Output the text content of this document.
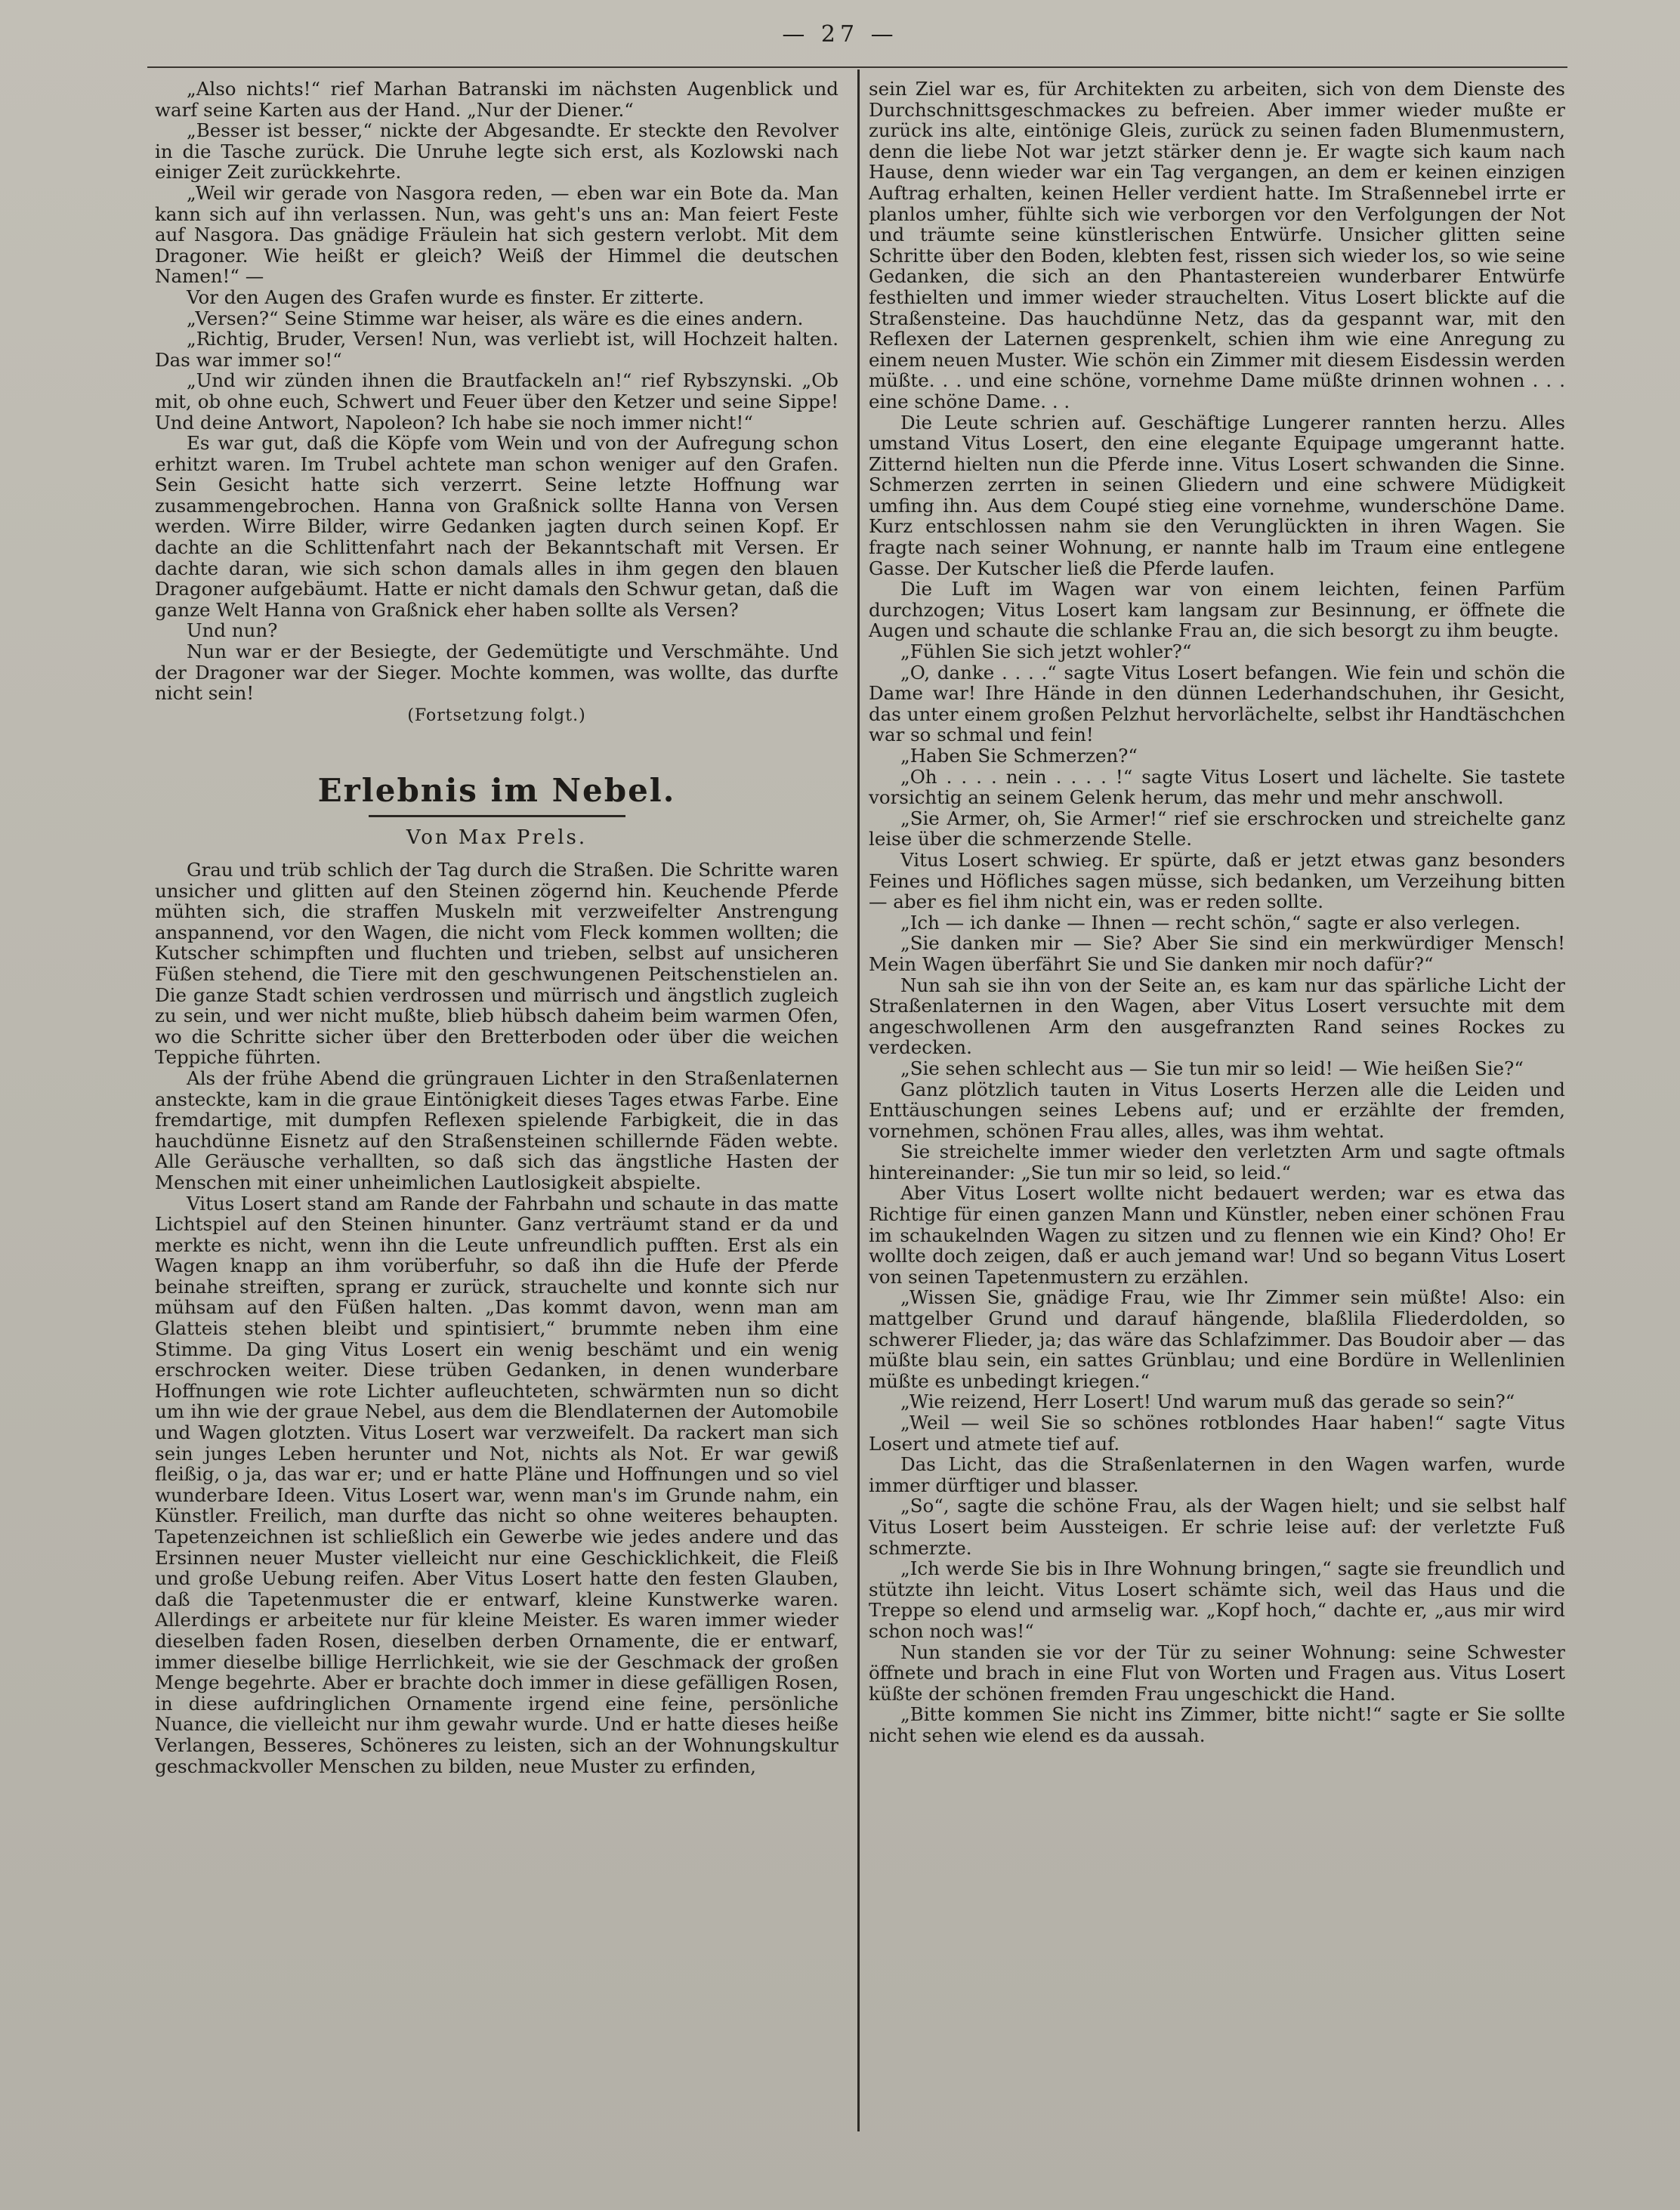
— 27 —

„Also nichts!“ rief Marhan Batranski im nächsten Augenblick und warf seine Karten aus der Hand. „Nur der Diener.“

„Besser ist besser,“ nickte der Abgesandte. Er steckte den Revolver in die Tasche zurück. Die Unruhe legte sich erst, als Kozlowski nach einiger Zeit zurückkehrte.

„Weil wir gerade von Nasgora reden, — eben war ein Bote da. Man kann sich auf ihn verlassen. Nun, was geht's uns an: Man feiert Feste auf Nasgora. Das gnädige Fräulein hat sich gestern verlobt. Mit dem Dragoner. Wie heißt er gleich? Weiß der Himmel die deutschen Namen!“ —

Vor den Augen des Grafen wurde es finster. Er zitterte.

„Versen?“ Seine Stimme war heiser, als wäre es die eines andern.

„Richtig, Bruder, Versen! Nun, was verliebt ist, will Hochzeit halten. Das war immer so!“

„Und wir zünden ihnen die Brautfackeln an!“ rief Rybszynski. „Ob mit, ob ohne euch, Schwert und Feuer über den Ketzer und seine Sippe! Und deine Antwort, Napoleon? Ich habe sie noch immer nicht!“

Es war gut, daß die Köpfe vom Wein und von der Aufregung schon erhitzt waren. Im Trubel achtete man schon weniger auf den Grafen. Sein Gesicht hatte sich verzerrt. Seine letzte Hoffnung war zusammengebrochen. Hanna von Graßnick sollte Hanna von Versen werden. Wirre Bilder, wirre Gedanken jagten durch seinen Kopf. Er dachte an die Schlittenfahrt nach der Bekanntschaft mit Versen. Er dachte daran, wie sich schon damals alles in ihm gegen den blauen Dragoner aufgebäumt. Hatte er nicht damals den Schwur getan, daß die ganze Welt Hanna von Graßnick eher haben sollte als Versen?

Und nun?

Nun war er der Besiegte, der Gedemütigte und Verschmähte. Und der Dragoner war der Sieger. Mochte kommen, was wollte, das durfte nicht sein!

(Fortsetzung folgt.)
Erlebnis im Nebel.
Von Max Prels.

Grau und trüb schlich der Tag durch die Straßen. Die Schritte waren unsicher und glitten auf den Steinen zögernd hin. Keuchende Pferde mühten sich, die straffen Muskeln mit verzweifelter Anstrengung anspannend, vor den Wagen, die nicht vom Fleck kommen wollten; die Kutscher schimpften und fluchten und trieben, selbst auf unsicheren Füßen stehend, die Tiere mit den geschwungenen Peitschenstielen an. Die ganze Stadt schien verdrossen und mürrisch und ängstlich zugleich zu sein, und wer nicht mußte, blieb hübsch daheim beim warmen Ofen, wo die Schritte sicher über den Bretterboden oder über die weichen Teppiche führten.

Als der frühe Abend die grüngrauen Lichter in den Straßenlaternen ansteckte, kam in die graue Eintönigkeit dieses Tages etwas Farbe. Eine fremdartige, mit dumpfen Reflexen spielende Farbigkeit, die in das hauchdünne Eisnetz auf den Straßensteinen schillernde Fäden webte. Alle Geräusche verhallten, so daß sich das ängstliche Hasten der Menschen mit einer unheimlichen Lautlosigkeit abspielte.

Vitus Losert stand am Rande der Fahrbahn und schaute in das matte Lichtspiel auf den Steinen hinunter. Ganz verträumt stand er da und merkte es nicht, wenn ihn die Leute unfreundlich pufften. Erst als ein Wagen knapp an ihm vorüberfuhr, so daß ihn die Hufe der Pferde beinahe streiften, sprang er zurück, strauchelte und konnte sich nur mühsam auf den Füßen halten. „Das kommt davon, wenn man am Glatteis stehen bleibt und spintisiert,“ brummte neben ihm eine Stimme. Da ging Vitus Losert ein wenig beschämt und ein wenig erschrocken weiter. Diese trüben Gedanken, in denen wunderbare Hoffnungen wie rote Lichter aufleuchteten, schwärmten nun so dicht um ihn wie der graue Nebel, aus dem die Blendlaternen der Automobile und Wagen glotzten. Vitus Losert war verzweifelt. Da rackert man sich sein junges Leben herunter und Not, nichts als Not. Er war gewiß fleißig, o ja, das war er; und er hatte Pläne und Hoffnungen und so viel wunderbare Ideen. Vitus Losert war, wenn man's im Grunde nahm, ein Künstler. Freilich, man durfte das nicht so ohne weiteres behaupten. Tapetenzeichnen ist schließlich ein Gewerbe wie jedes andere und das Ersinnen neuer Muster vielleicht nur eine Geschicklichkeit, die Fleiß und große Uebung reifen. Aber Vitus Losert hatte den festen Glauben, daß die Tapetenmuster die er entwarf, kleine Kunstwerke waren. Allerdings er arbeitete nur für kleine Meister. Es waren immer wieder dieselben faden Rosen, dieselben derben Ornamente, die er entwarf, immer dieselbe billige Herrlichkeit, wie sie der Geschmack der großen Menge begehrte. Aber er brachte doch immer in diese gefälligen Rosen, in diese aufdringlichen Ornamente irgend eine feine, persönliche Nuance, die vielleicht nur ihm gewahr wurde. Und er hatte dieses heiße Verlangen, Besseres, Schöneres zu leisten, sich an der Wohnungskultur geschmackvoller Menschen zu bilden, neue Muster zu erfinden,

sein Ziel war es, für Architekten zu arbeiten, sich von dem Dienste des Durchschnittsgeschmackes zu befreien. Aber immer wieder mußte er zurück ins alte, eintönige Gleis, zurück zu seinen faden Blumenmustern, denn die liebe Not war jetzt stärker denn je. Er wagte sich kaum nach Hause, denn wieder war ein Tag vergangen, an dem er keinen einzigen Auftrag erhalten, keinen Heller verdient hatte. Im Straßennebel irrte er planlos umher, fühlte sich wie verborgen vor den Verfolgungen der Not und träumte seine künstlerischen Entwürfe. Unsicher glitten seine Schritte über den Boden, klebten fest, rissen sich wieder los, so wie seine Gedanken, die sich an den Phantastereien wunderbarer Entwürfe festhielten und immer wieder strauchelten. Vitus Losert blickte auf die Straßensteine. Das hauchdünne Netz, das da gespannt war, mit den Reflexen der Laternen gesprenkelt, schien ihm wie eine Anregung zu einem neuen Muster. Wie schön ein Zimmer mit diesem Eisdessin werden müßte. . . und eine schöne, vornehme Dame müßte drinnen wohnen . . . eine schöne Dame. . .

Die Leute schrien auf. Geschäftige Lungerer rannten herzu. Alles umstand Vitus Losert, den eine elegante Equipage umgerannt hatte. Zitternd hielten nun die Pferde inne. Vitus Losert schwanden die Sinne. Schmerzen zerrten in seinen Gliedern und eine schwere Müdigkeit umfing ihn. Aus dem Coupé stieg eine vornehme, wunderschöne Dame. Kurz entschlossen nahm sie den Verunglückten in ihren Wagen. Sie fragte nach seiner Wohnung, er nannte halb im Traum eine entlegene Gasse. Der Kutscher ließ die Pferde laufen.

Die Luft im Wagen war von einem leichten, feinen Parfüm durchzogen; Vitus Losert kam langsam zur Besinnung, er öffnete die Augen und schaute die schlanke Frau an, die sich besorgt zu ihm beugte.

„Fühlen Sie sich jetzt wohler?“

„O, danke . . . .“ sagte Vitus Losert befangen. Wie fein und schön die Dame war! Ihre Hände in den dünnen Lederhandschuhen, ihr Gesicht, das unter einem großen Pelzhut hervorlächelte, selbst ihr Handtäschchen war so schmal und fein!

„Haben Sie Schmerzen?“

„Oh . . . . nein . . . . !“ sagte Vitus Losert und lächelte. Sie tastete vorsichtig an seinem Gelenk herum, das mehr und mehr anschwoll.

„Sie Armer, oh, Sie Armer!“ rief sie erschrocken und streichelte ganz leise über die schmerzende Stelle.

Vitus Losert schwieg. Er spürte, daß er jetzt etwas ganz besonders Feines und Höfliches sagen müsse, sich bedanken, um Verzeihung bitten — aber es fiel ihm nicht ein, was er reden sollte.

„Ich — ich danke — Ihnen — recht schön,“ sagte er also verlegen.

„Sie danken mir — Sie? Aber Sie sind ein merkwürdiger Mensch! Mein Wagen überfährt Sie und Sie danken mir noch dafür?“

Nun sah sie ihn von der Seite an, es kam nur das spärliche Licht der Straßenlaternen in den Wagen, aber Vitus Losert versuchte mit dem angeschwollenen Arm den ausgefranzten Rand seines Rockes zu verdecken.

„Sie sehen schlecht aus — Sie tun mir so leid! — Wie heißen Sie?“

Ganz plötzlich tauten in Vitus Loserts Herzen alle die Leiden und Enttäuschungen seines Lebens auf; und er erzählte der fremden, vornehmen, schönen Frau alles, alles, was ihm wehtat.

Sie streichelte immer wieder den verletzten Arm und sagte oftmals hintereinander: „Sie tun mir so leid, so leid.“

Aber Vitus Losert wollte nicht bedauert werden; war es etwa das Richtige für einen ganzen Mann und Künstler, neben einer schönen Frau im schaukelnden Wagen zu sitzen und zu flennen wie ein Kind? Oho! Er wollte doch zeigen, daß er auch jemand war! Und so begann Vitus Losert von seinen Tapetenmustern zu erzählen.

„Wissen Sie, gnädige Frau, wie Ihr Zimmer sein müßte! Also: ein mattgelber Grund und darauf hängende, blaßlila Fliederdolden, so schwerer Flieder, ja; das wäre das Schlafzimmer. Das Boudoir aber — das müßte blau sein, ein sattes Grünblau; und eine Bordüre in Wellenlinien müßte es unbedingt kriegen.“

„Wie reizend, Herr Losert! Und warum muß das gerade so sein?“

„Weil — weil Sie so schönes rotblondes Haar haben!“ sagte Vitus Losert und atmete tief auf.

Das Licht, das die Straßenlaternen in den Wagen warfen, wurde immer dürftiger und blasser.

„So“, sagte die schöne Frau, als der Wagen hielt; und sie selbst half Vitus Losert beim Aussteigen. Er schrie leise auf: der verletzte Fuß schmerzte.

„Ich werde Sie bis in Ihre Wohnung bringen,“ sagte sie freundlich und stützte ihn leicht. Vitus Losert schämte sich, weil das Haus und die Treppe so elend und armselig war. „Kopf hoch,“ dachte er, „aus mir wird schon noch was!“

Nun standen sie vor der Tür zu seiner Wohnung: seine Schwester öffnete und brach in eine Flut von Worten und Fragen aus. Vitus Losert küßte der schönen fremden Frau ungeschickt die Hand.

„Bitte kommen Sie nicht ins Zimmer, bitte nicht!“ sagte er Sie sollte nicht sehen wie elend es da aussah.
